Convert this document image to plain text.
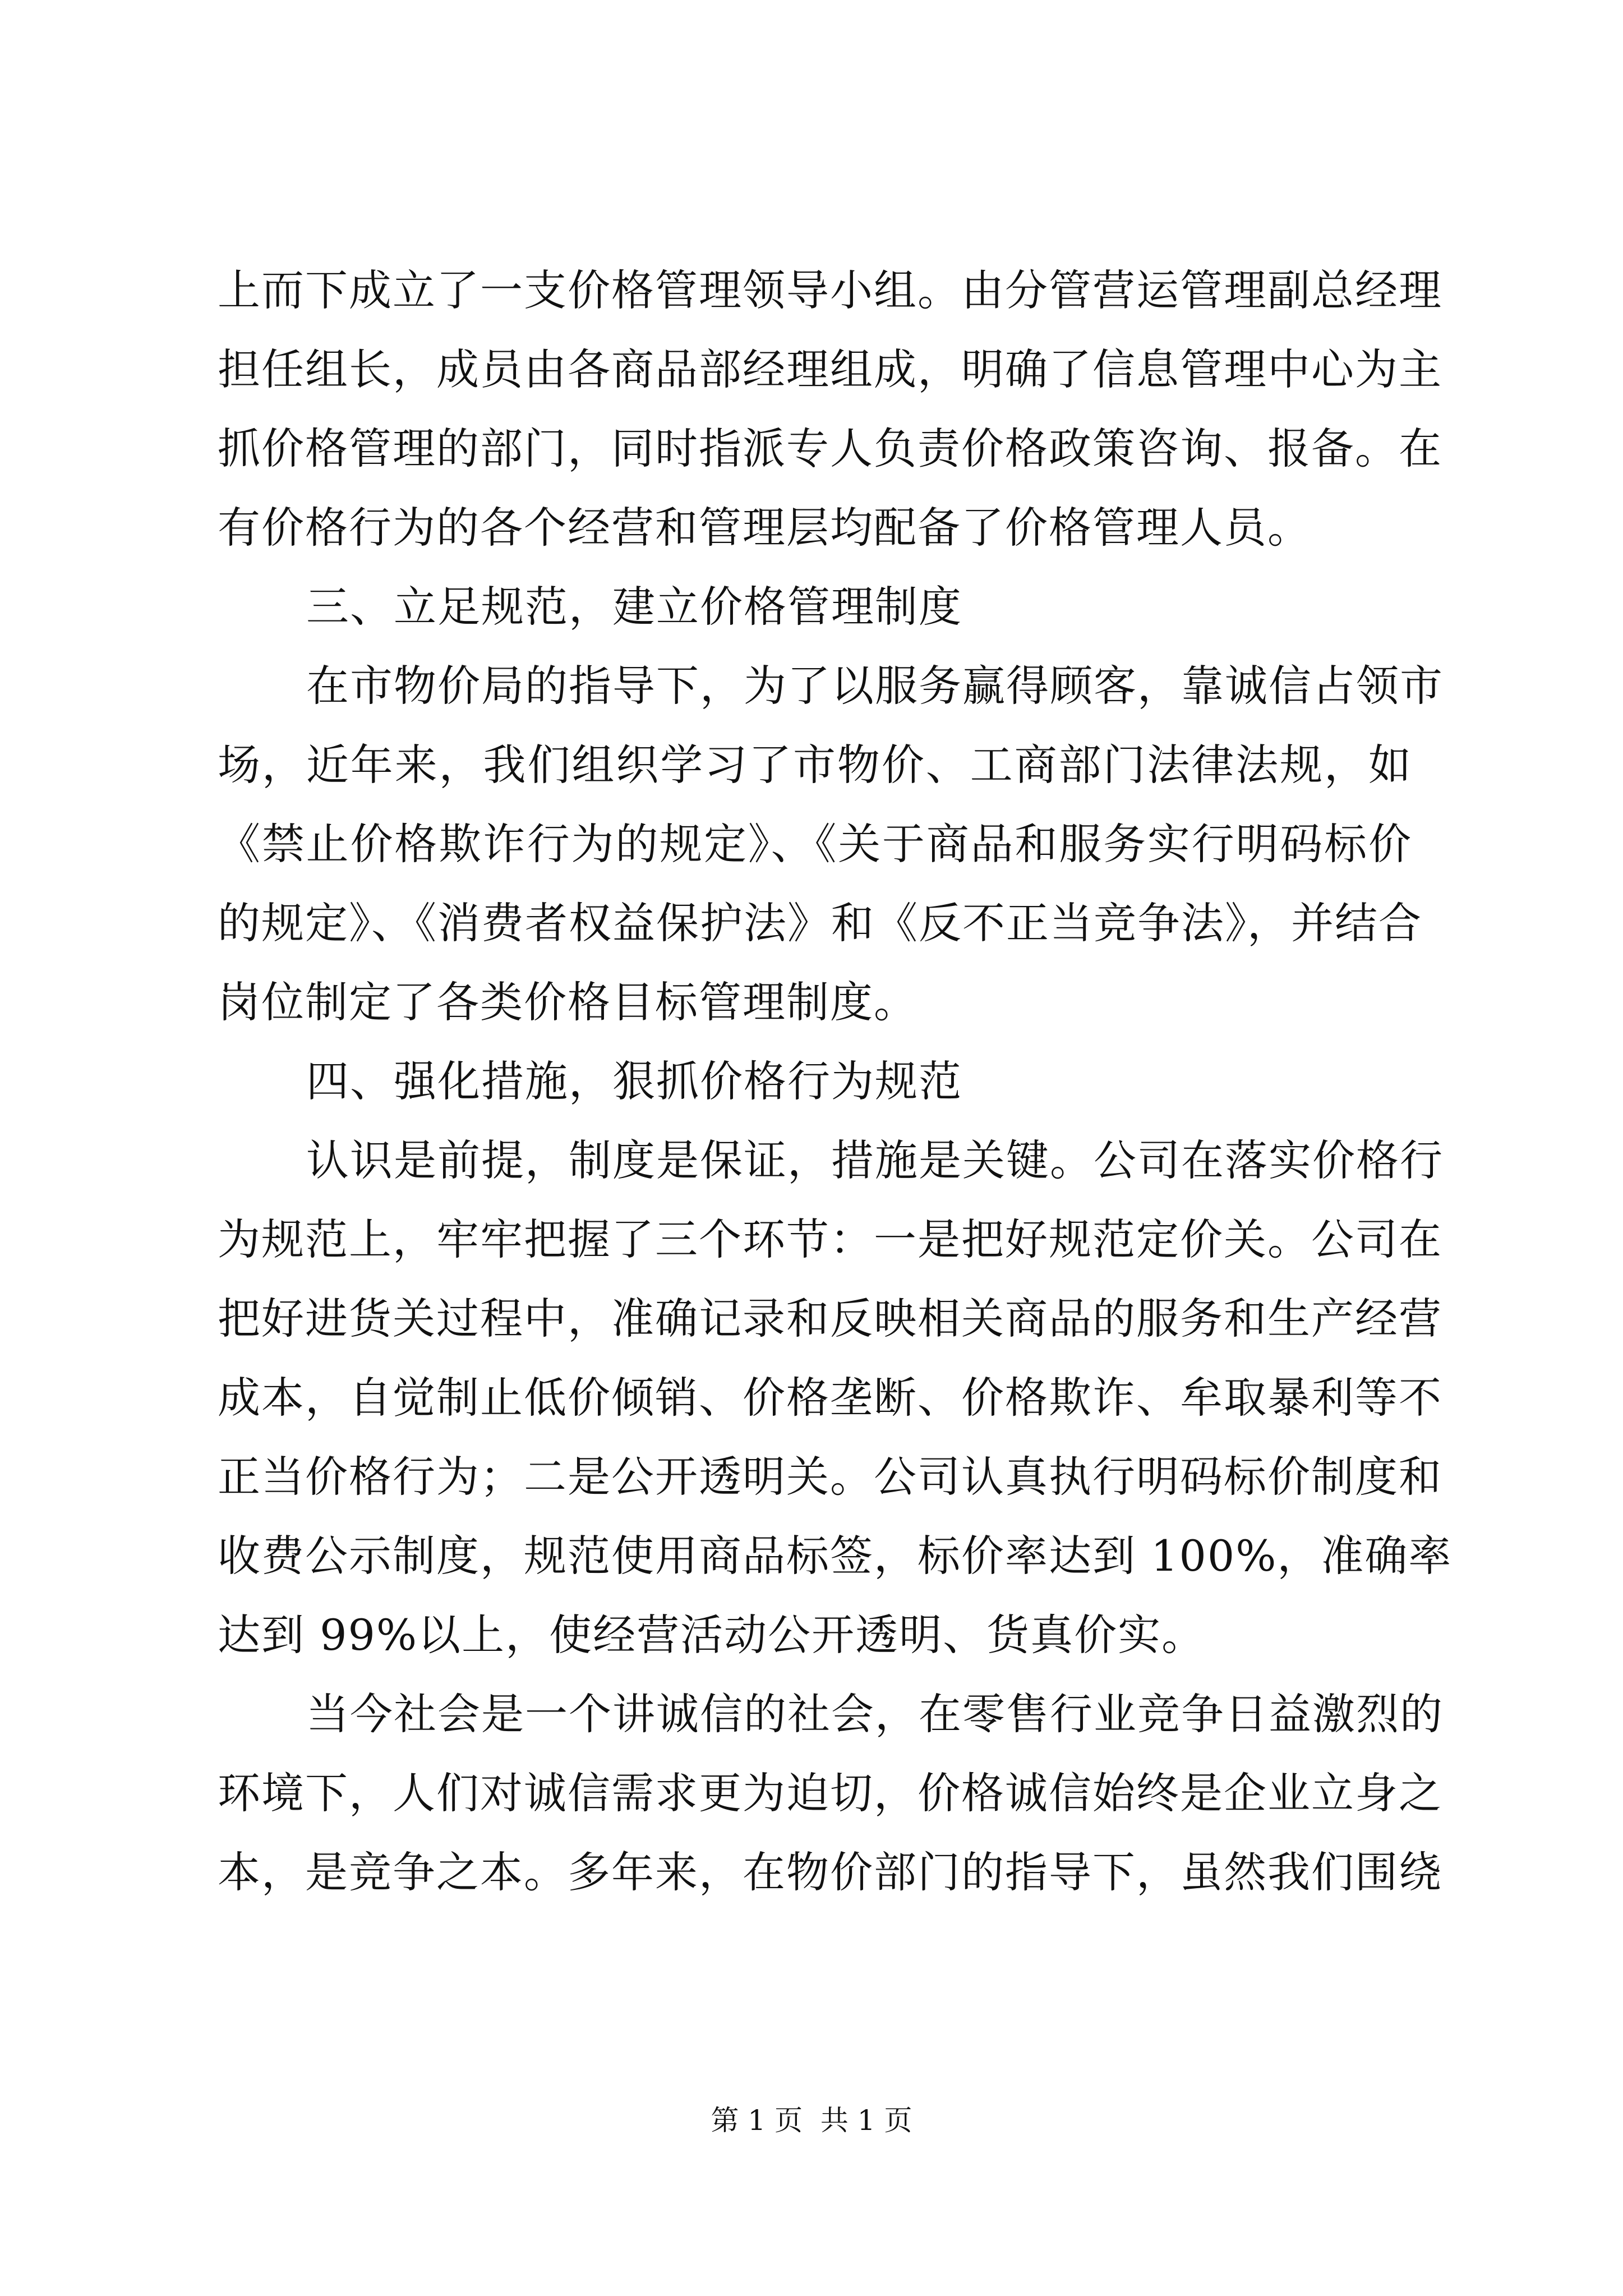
上而下成立了一支价格管理领导小组。由分管营运管理副总经理
担任组长，成员由各商品部经理组成，明确了信息管理中心为主
抓价格管理的部门，同时指派专人负责价格政策咨询、报备。在
有价格行为的各个经营和管理层均配备了价格管理人员。
三、立足规范，建立价格管理制度
在市物价局的指导下，为了以服务赢得顾客，靠诚信占领市
场，近年来，我们组织学习了市物价、工商部门法律法规，如
《禁止价格欺诈行为的规定》、《关于商品和服务实行明码标价
的规定》、《消费者权益保护法》和《反不正当竞争法》，并结合
岗位制定了各类价格目标管理制度。
四、强化措施，狠抓价格行为规范
认识是前提，制度是保证，措施是关键。公司在落实价格行
为规范上，牢牢把握了三个环节：一是把好规范定价关。公司在
把好进货关过程中，准确记录和反映相关商品的服务和生产经营
成本，自觉制止低价倾销、价格垄断、价格欺诈、牟取暴利等不
正当价格行为；二是公开透明关。公司认真执行明码标价制度和
收费公示制度，规范使用商品标签，标价率达到 100%，准确率
达到 99%以上，使经营活动公开透明、货真价实。
当今社会是一个讲诚信的社会，在零售行业竞争日益激烈的
环境下，人们对诚信需求更为迫切，价格诚信始终是企业立身之
本，是竞争之本。多年来，在物价部门的指导下，虽然我们围绕
第 1 页  共 1 页
